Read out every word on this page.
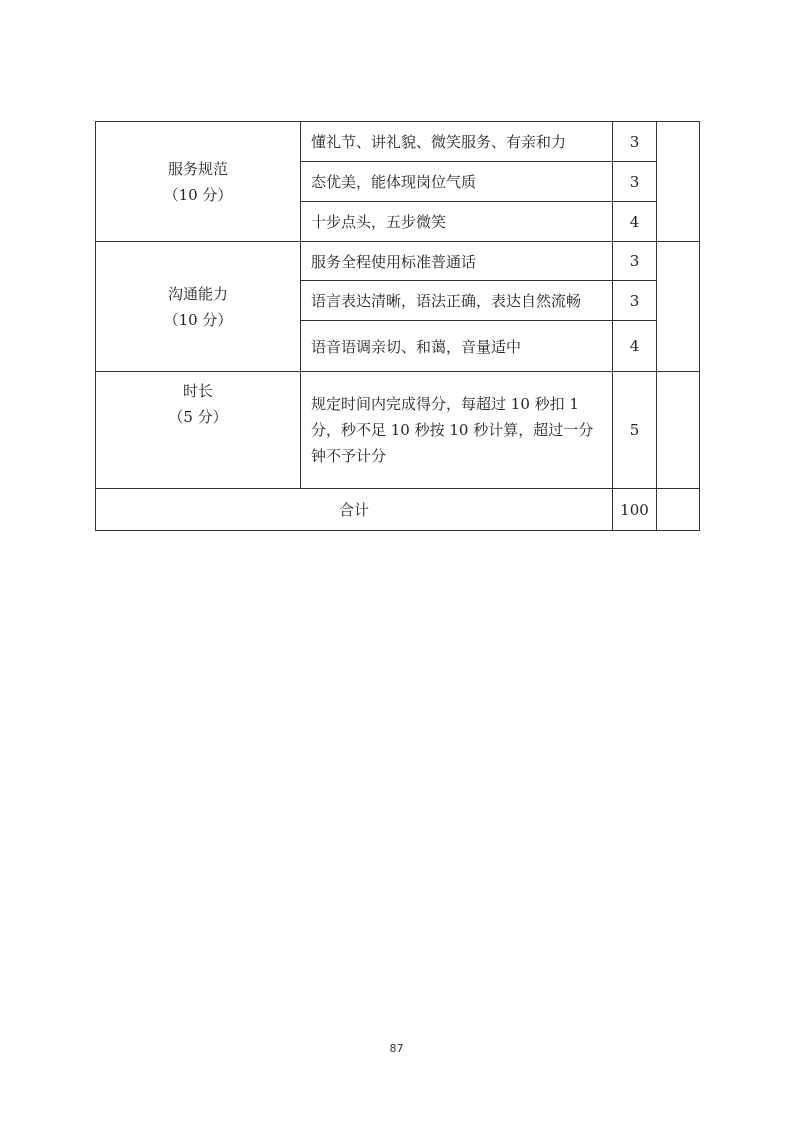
服务规范
（10 分）	懂礼节、讲礼貌、微笑服务、有亲和力	3	
	态优美，能体现岗位气质	3	
	十步点头，五步微笑	4	

沟通能力
（10 分）	服务全程使用标准普通话	3	
	语言表达清晰，语法正确，表达自然流畅	3	
	语音语调亲切、和蔼，音量适中	4	

时长
（5 分）	规定时间内完成得分，每超过 10 秒扣 1 分，秒不足 10 秒按 10 秒计算，超过一分钟不予计分	5	
合计		100	
87
